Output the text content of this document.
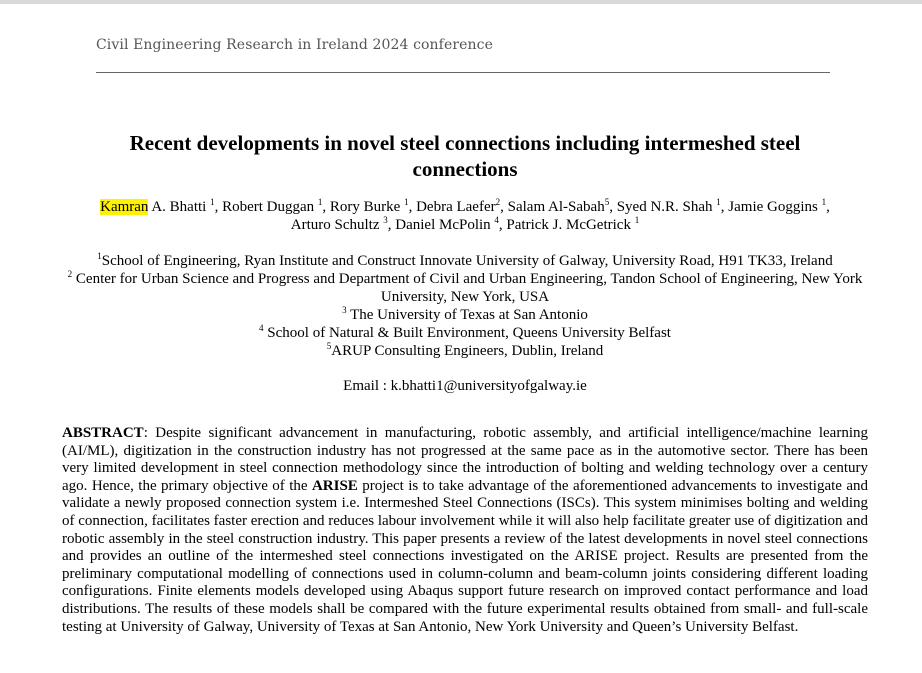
Civil Engineering Research in Ireland 2024 conference
Recent developments in novel steel connections including intermeshed steel
connections
Kamran A. Bhatti $^1$, Robert Duggan $^1$, Rory Burke $^1$, Debra Laefer$^2$, Salam Al-Sabah$^5$, Syed N.R. Shah $^1$, Jamie Goggins $^1$,
Arturo Schultz $^3$, Daniel McPolin $^4$, Patrick J. McGetrick $^1$
$^1$School of Engineering, Ryan Institute and Construct Innovate University of Galway, University Road, H91 TK33, Ireland
$^2$ Center for Urban Science and Progress and Department of Civil and Urban Engineering, Tandon School of Engineering, New York University, New York, USA
$^3$ The University of Texas at San Antonio
$^4$ School of Natural & Built Environment, Queens University Belfast
$^5$ARUP Consulting Engineers, Dublin, Ireland
Email : k.bhatti1@universityofgalway.ie
ABSTRACT: Despite significant advancement in manufacturing, robotic assembly, and artificial intelligence/machine learning (AI/ML), digitization in the construction industry has not progressed at the same pace as in the automotive sector. There has been very limited development in steel connection methodology since the introduction of bolting and welding technology over a century ago. Hence, the primary objective of the ARISE project is to take advantage of the aforementioned advancements to investigate and validate a newly proposed connection system i.e. Intermeshed Steel Connections (ISCs). This system minimises bolting and welding of connection, facilitates faster erection and reduces labour involvement while it will also help facilitate greater use of digitization and robotic assembly in the steel construction industry. This paper presents a review of the latest developments in novel steel connections and provides an outline of the intermeshed steel connections investigated on the ARISE project. Results are presented from the preliminary computational modelling of connections used in column-column and beam-column joints considering different loading configurations. Finite elements models developed using Abaqus support future research on improved contact performance and load distributions. The results of these models shall be compared with the future experimental results obtained from small- and full-scale testing at University of Galway, University of Texas at San Antonio, New York University and Queen’s University Belfast.
